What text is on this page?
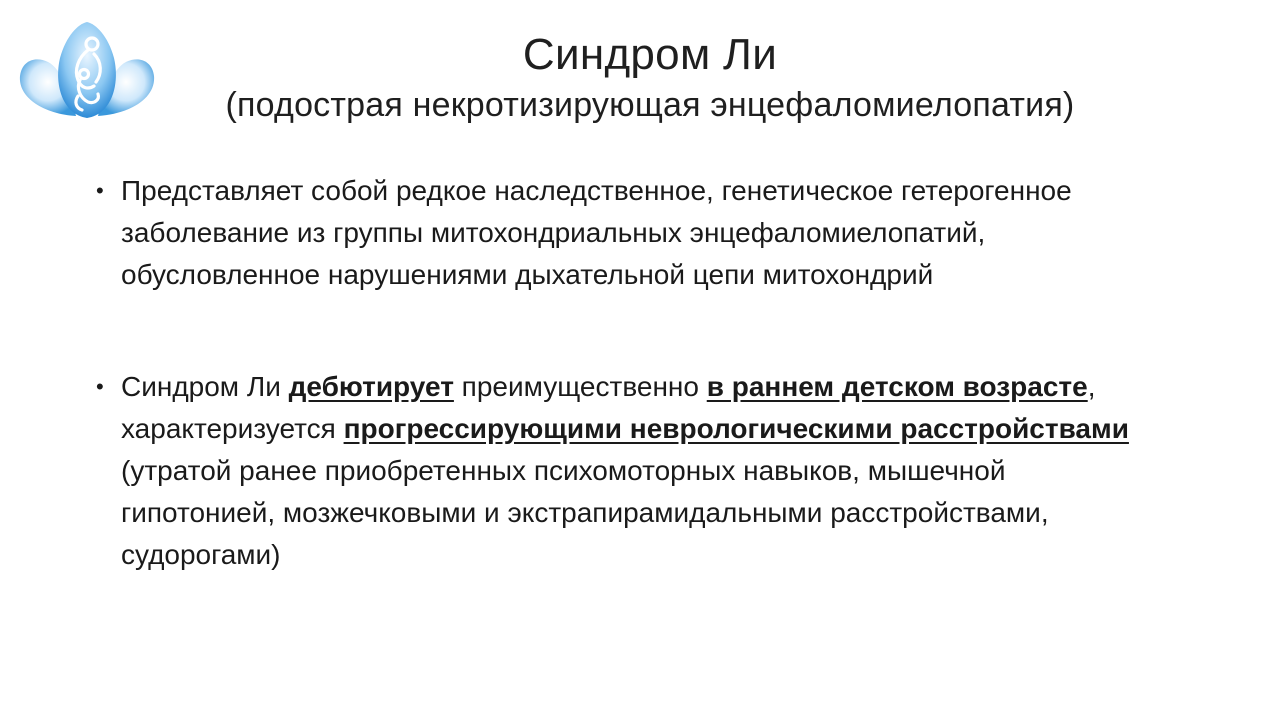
Синдром Ли
(подострая некротизирующая энцефаломиелопатия)
• Представляет собой редкое наследственное, генетическое гетерогенное заболевание из группы митохондриальных энцефаломиелопатий, обусловленное нарушениями дыхательной цепи митохондрий
• Синдром Ли дебютирует преимущественно в раннем детском возрасте, характеризуется прогрессирующими неврологическими расстройствами (утратой ранее приобретенных психомоторных навыков, мышечной гипотонией, мозжечковыми и экстрапирамидальными расстройствами, судорогами)
